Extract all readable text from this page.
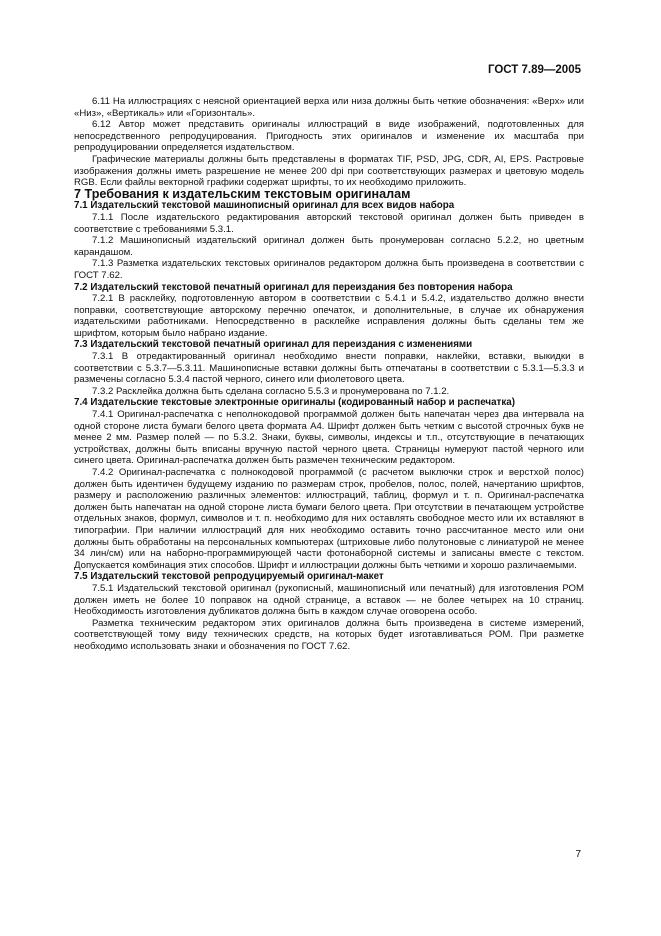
ГОСТ 7.89—2005

6.11 На иллюстрациях с неясной ориентацией верха или низа должны быть четкие обозначения: «Верх» или «Низ», «Вертикаль» или «Горизонталь».

6.12 Автор может представить оригиналы иллюстраций в виде изображений, подготовленных для непосредственного репродуцирования. Пригодность этих оригиналов и изменение их масштаба при репродуцировании определяется издательством.

Графические материалы должны быть представлены в форматах TIF, PSD, JPG, CDR, AI, EPS. Растровые изображения должны иметь разрешение не менее 200 dpi при соответствующих размерах и цветовую модель RGB. Если файлы векторной графики содержат шрифты, то их необходимо приложить.

7 Требования к издательским текстовым оригиналам

7.1 Издательский текстовой машинописный оригинал для всех видов набора

7.1.1 После издательского редактирования авторский текстовой оригинал должен быть приведен в соответствие с требованиями 5.3.1.

7.1.2 Машинописный издательский оригинал должен быть пронумерован согласно 5.2.2, но цветным карандашом.

7.1.3 Разметка издательских текстовых оригиналов редактором должна быть произведена в соответствии с ГОСТ 7.62.

7.2 Издательский текстовой печатный оригинал для переиздания без повторения набора

7.2.1 В расклейку, подготовленную автором в соответствии с 5.4.1 и 5.4.2, издательство должно внести поправки, соответствующие авторскому перечню опечаток, и дополнительные, в случае их обнаружения издательскими работниками. Непосредственно в расклейке исправления должны быть сделаны тем же шрифтом, которым было набрано издание.

7.3 Издательский текстовой печатный оригинал для переиздания с изменениями

7.3.1 В отредактированный оригинал необходимо внести поправки, наклейки, вставки, выкидки в соответствии с 5.3.7—5.3.11. Машинописные вставки должны быть отпечатаны в соответствии с 5.3.1—5.3.3 и размечены согласно 5.3.4 пастой черного, синего или фиолетового цвета.

7.3.2 Расклейка должна быть сделана согласно 5.5.3 и пронумерована по 7.1.2.

7.4 Издательские текстовые электронные оригиналы (кодированный набор и распечатка)

7.4.1 Оригинал-распечатка с неполнокодовой программой должен быть напечатан через два интервала на одной стороне листа бумаги белого цвета формата А4. Шрифт должен быть четким с высотой строчных букв не менее 2 мм. Размер полей — по 5.3.2. Знаки, буквы, символы, индексы и т.п., отсутствующие в печатающих устройствах, должны быть вписаны вручную пастой черного цвета. Страницы нумеруют пастой черного или синего цвета. Оригинал-распечатка должен быть размечен техническим редактором.

7.4.2 Оригинал-распечатка с полнокодовой программой (с расчетом выключки строк и верстхой полос) должен быть идентичен будущему изданию по размерам строк, пробелов, полос, полей, начертанию шрифтов, размеру и расположению различных элементов: иллюстраций, таблиц, формул и т. п. Оригинал-распечатка должен быть напечатан на одной стороне листа бумаги белого цвета. При отсутствии в печатающем устройстве отдельных знаков, формул, символов и т. п. необходимо для них оставлять свободное место или их вставляют в типографии. При наличии иллюстраций для них необходимо оставить точно рассчитанное место или они должны быть обработаны на персональных компьютерах (штриховые либо полутоновые с линиатурой не менее 34 лин/см) или на наборно-программирующей части фотонаборной системы и записаны вместе с текстом. Допускается комбинация этих способов. Шрифт и иллюстрации должны быть четкими и хорошо различаемыми.

7.5 Издательский текстовой репродуцируемый оригинал-макет

7.5.1 Издательский текстовой оригинал (рукописный, машинописный или печатный) для изготовления РОМ должен иметь не более 10 поправок на одной странице, а вставок — не более четырех на 10 страниц. Необходимость изготовления дубликатов должна быть в каждом случае оговорена особо.

Разметка техническим редактором этих оригиналов должна быть произведена в системе измерений, соответствующей тому виду технических средств, на которых будет изготавливаться РОМ. При разметке необходимо использовать знаки и обозначения по ГОСТ 7.62.

7
